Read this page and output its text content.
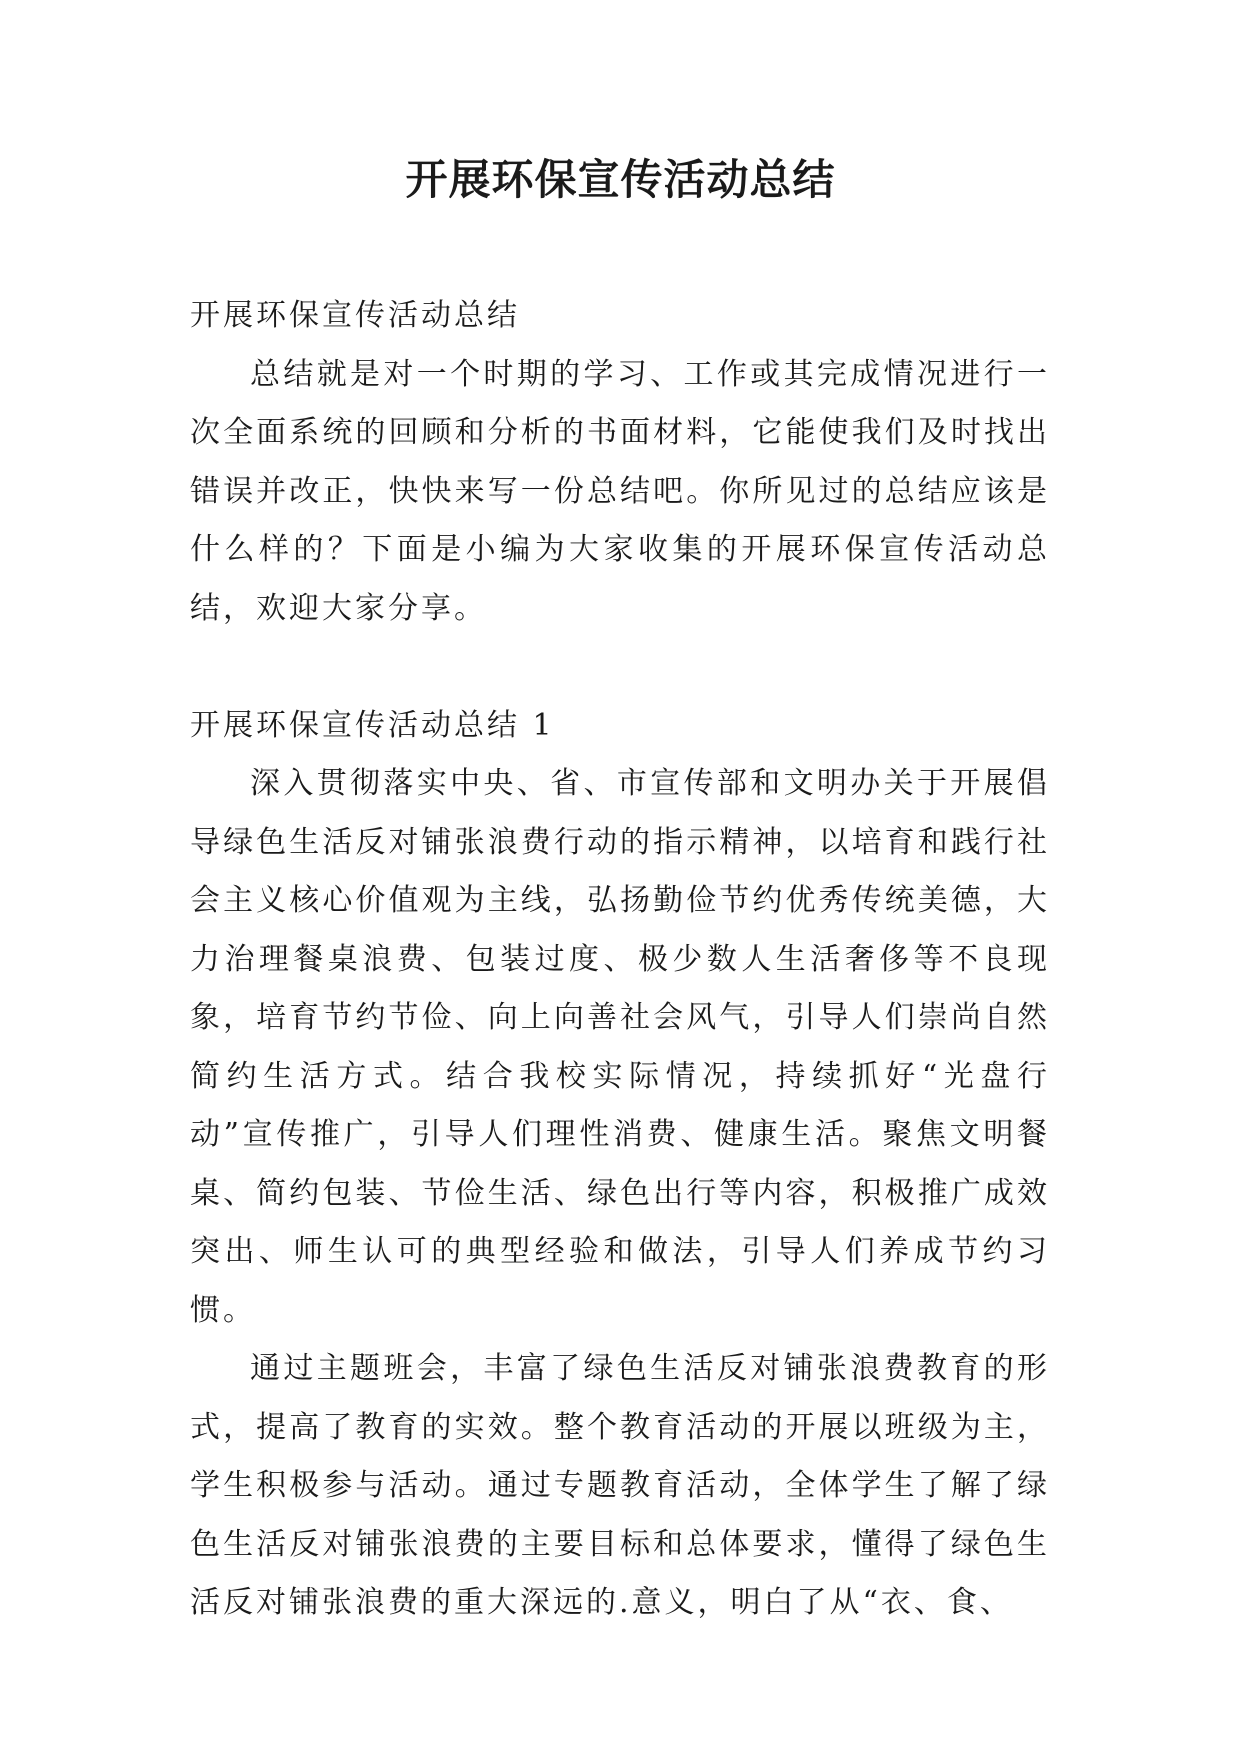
开展环保宣传活动总结

开展环保宣传活动总结

总结就是对一个时期的学习、工作或其完成情况进行一次全面系统的回顾和分析的书面材料，它能使我们及时找出错误并改正，快快来写一份总结吧。你所见过的总结应该是什么样的？下面是小编为大家收集的开展环保宣传活动总结，欢迎大家分享。

开展环保宣传活动总结 1

深入贯彻落实中央、省、市宣传部和文明办关于开展倡导绿色生活反对铺张浪费行动的指示精神，以培育和践行社会主义核心价值观为主线，弘扬勤俭节约优秀传统美德，大力治理餐桌浪费、包装过度、极少数人生活奢侈等不良现象，培育节约节俭、向上向善社会风气，引导人们崇尚自然简约生活方式。结合我校实际情况，持续抓好“光盘行动”宣传推广，引导人们理性消费、健康生活。聚焦文明餐桌、简约包装、节俭生活、绿色出行等内容，积极推广成效突出、师生认可的典型经验和做法，引导人们养成节约习惯。

通过主题班会，丰富了绿色生活反对铺张浪费教育的形式，提高了教育的实效。整个教育活动的开展以班级为主，学生积极参与活动。通过专题教育活动，全体学生了解了绿色生活反对铺张浪费的主要目标和总体要求，懂得了绿色生活反对铺张浪费的重大深远的.意义，明白了从“衣、食、
